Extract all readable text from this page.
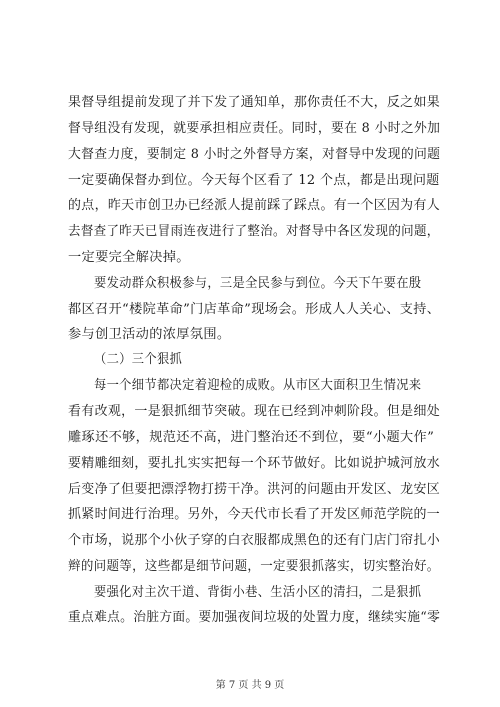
果督导组提前发现了并下发了通知单，那你责任不大，反之如果
督导组没有发现，就要承担相应责任。同时，要在 8 小时之外加
大督查力度，要制定 8 小时之外督导方案，对督导中发现的问题
一定要确保督办到位。今天每个区看了 12 个点，都是出现问题
的点，昨天市创卫办已经派人提前踩了踩点。有一个区因为有人
去督查了昨天已冒雨连夜进行了整治。对督导中各区发现的问题，
一定要完全解决掉。
要发动群众积极参与，三是全民参与到位。今天下午要在殷
都区召开“楼院革命”门店革命”现场会。形成人人关心、支持、
参与创卫活动的浓厚氛围。
（二）三个狠抓
每一个细节都决定着迎检的成败。从市区大面积卫生情况来
看有改观，一是狠抓细节突破。现在已经到冲刺阶段。但是细处
雕琢还不够，规范还不高，进门整治还不到位，要“小题大作”
要精雕细刻，要扎扎实实把每一个环节做好。比如说护城河放水
后变净了但要把漂浮物打捞干净。洪河的问题由开发区、龙安区
抓紧时间进行治理。另外，今天代市长看了开发区师范学院的一
个市场，说那个小伙子穿的白衣服都成黑色的还有门店门帘扎小
辫的问题等，这些都是细节问题，一定要狠抓落实，切实整治好。
要强化对主次干道、背街小巷、生活小区的清扫，二是狠抓
重点难点。治脏方面。要加强夜间垃圾的处置力度，继续实施“零
第 7 页 共 9 页
